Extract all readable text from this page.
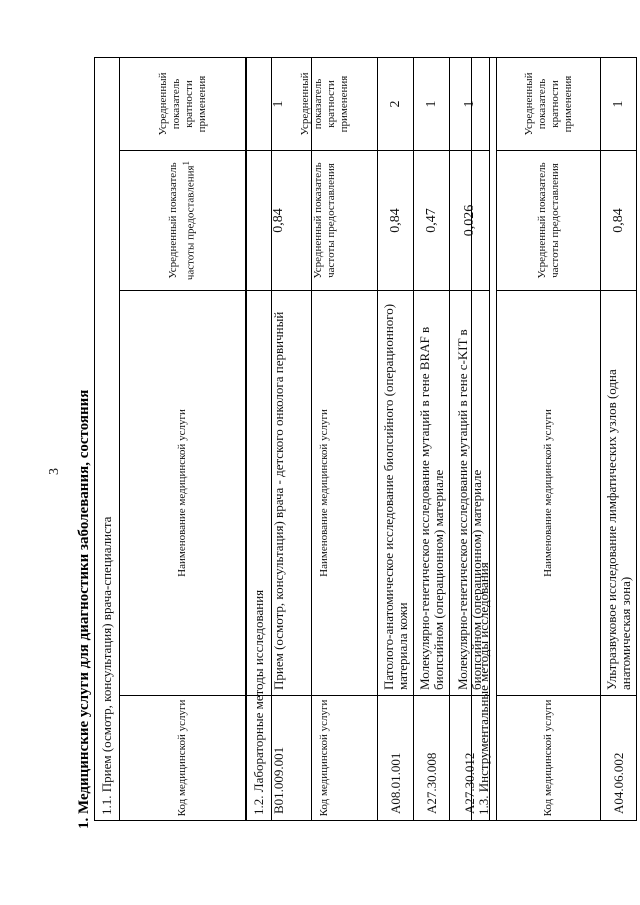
3 1. Медицинские услуги для диагностики заболевания, состояния 1.1. Прием (осмотр, консультация) врача-специалиста			
Код медицинской услуги	Наименование медицинской услуги	Усредненный показатель частоты предоставления$^1$	Усредненный показатель кратности применения
B01.009.001	Прием (осмотр, консультация) врача - детского онколога первичный	0,84	1
1.2. Лабораторные методы исследования			
Код медицинской услуги	Наименование медицинской услуги	Усредненный показатель частоты предоставления	Усредненный показатель кратности применения
A08.01.001	Патолого-анатомическое исследование биопсийного (операционного) материала кожи	0,84	2
A27.30.008	Молекулярно-генетическое исследование мутаций в гене BRAF в биопсийном (операционном) материале	0,47	1
A27.30.012	Молекулярно-генетическое исследование мутаций в гене c-KIT в биопсийном (операционном) материале	0,026	1
1.3. Инструментальные методы исследования			
Код медицинской услуги	Наименование медицинской услуги	Усредненный показатель частоты предоставления	Усредненный показатель кратности применения
A04.06.002	Ультразвуковое исследование лимфатических узлов (одна анатомическая зона)	0,84	1
